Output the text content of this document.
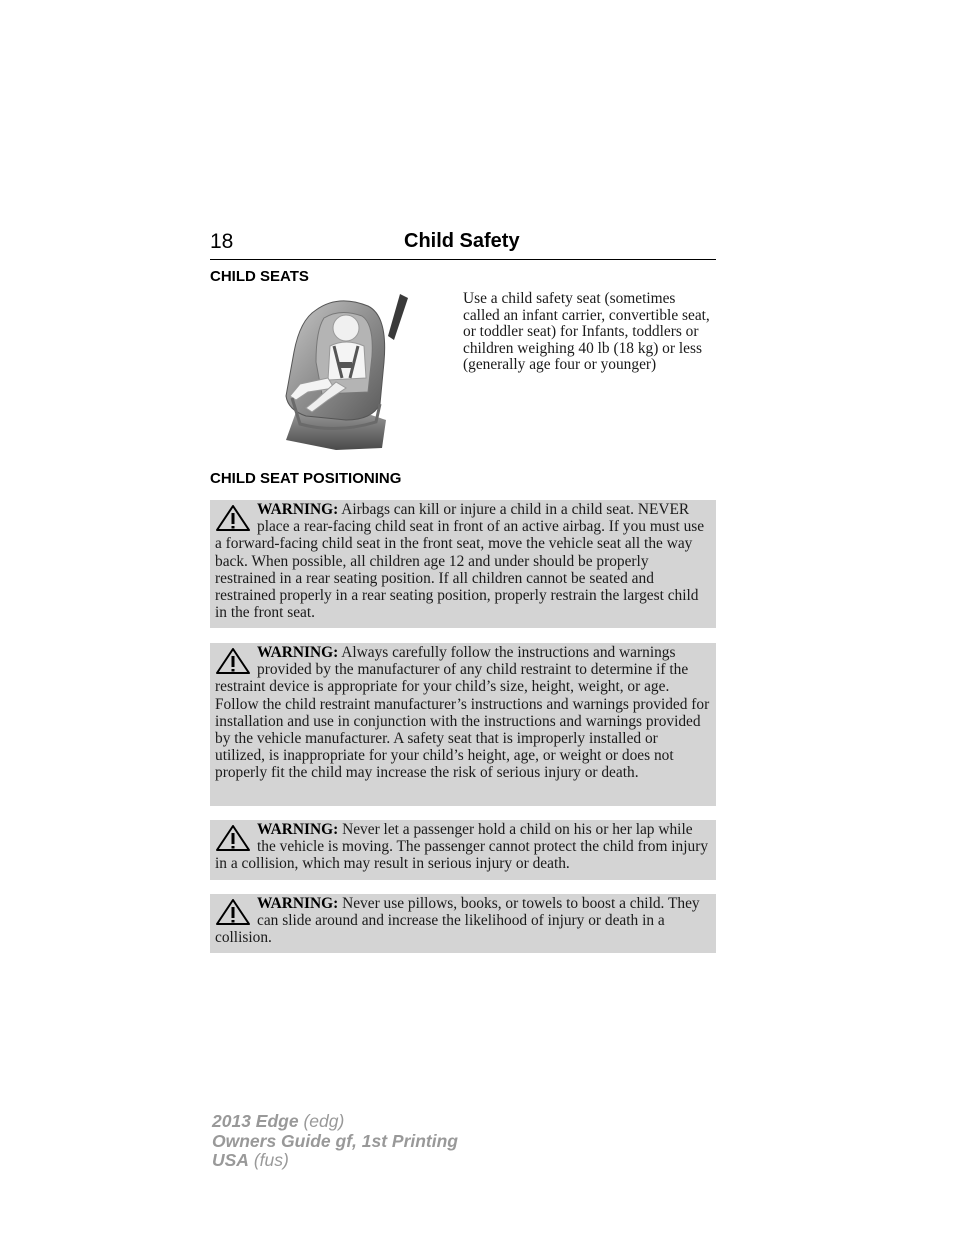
18	Child Safety
CHILD SEATS
Use a child safety seat (sometimes called an infant carrier, convertible seat, or toddler seat) for Infants, toddlers or children weighing 40 lb (18 kg) or less (generally age four or younger)
CHILD SEAT POSITIONING
WARNING: Airbags can kill or injure a child in a child seat. NEVER place a rear-facing child seat in front of an active airbag. If you must use a forward-facing child seat in the front seat, move the vehicle seat all the way back. When possible, all children age 12 and under should be properly restrained in a rear seating position. If all children cannot be seated and restrained properly in a rear seating position, properly restrain the largest child in the front seat.
WARNING: Always carefully follow the instructions and warnings provided by the manufacturer of any child restraint to determine if the restraint device is appropriate for your child’s size, height, weight, or age. Follow the child restraint manufacturer’s instructions and warnings provided for installation and use in conjunction with the instructions and warnings provided by the vehicle manufacturer. A safety seat that is improperly installed or utilized, is inappropriate for your child’s height, age, or weight or does not properly fit the child may increase the risk of serious injury or death.
WARNING: Never let a passenger hold a child on his or her lap while the vehicle is moving. The passenger cannot protect the child from injury in a collision, which may result in serious injury or death.
WARNING: Never use pillows, books, or towels to boost a child. They can slide around and increase the likelihood of injury or death in a collision.
2013 Edge (edg)
Owners Guide gf, 1st Printing
USA (fus)
